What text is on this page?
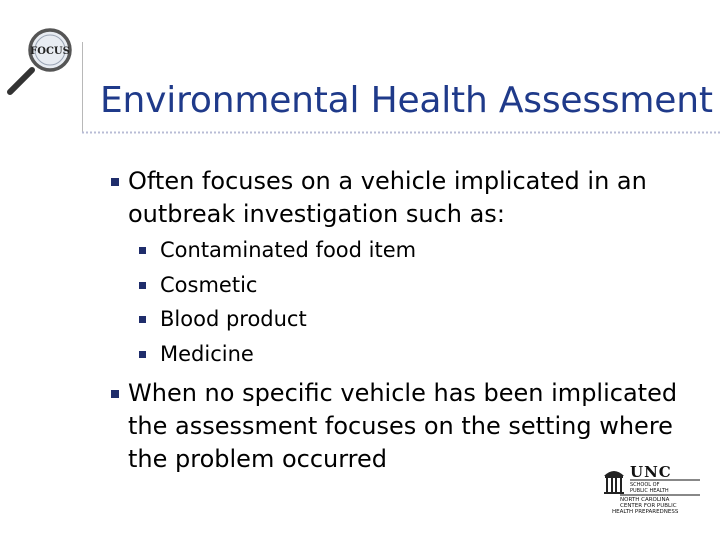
FOCUS
Environmental Health Assessment
Often focuses on a vehicle implicated in an outbreak investigation such as:
Contaminated food item
Cosmetic
Blood product
Medicine
When no specific vehicle has been implicated the assessment focuses on the setting where the problem occurred	UNC
SCHOOL OF
PUBLIC HEALTH
NORTH CAROLINA
CENTER FOR PUBLIC
HEALTH PREPAREDNESS
